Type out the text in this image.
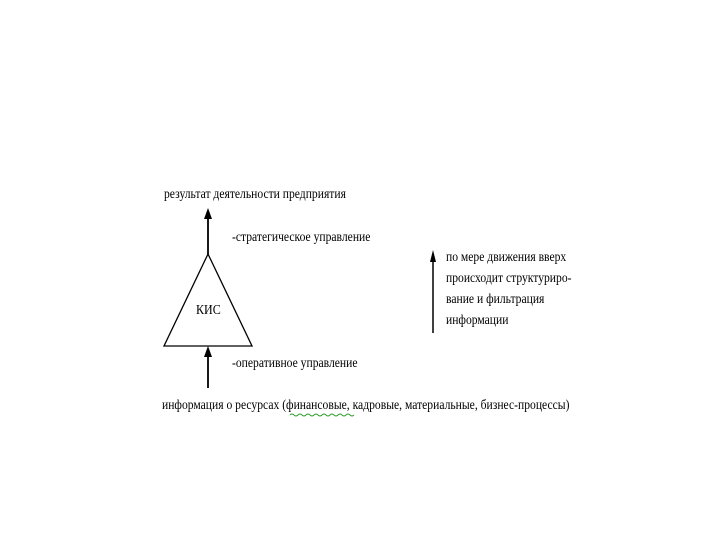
результат деятельности предприятия
-стратегическое управление
КИС
-оперативное управление
информация о ресурсах (финансовые, кадровые, материальные, бизнес-процессы)
по мере движения вверх
происходит структуриро-
вание и фильтрация
информации
